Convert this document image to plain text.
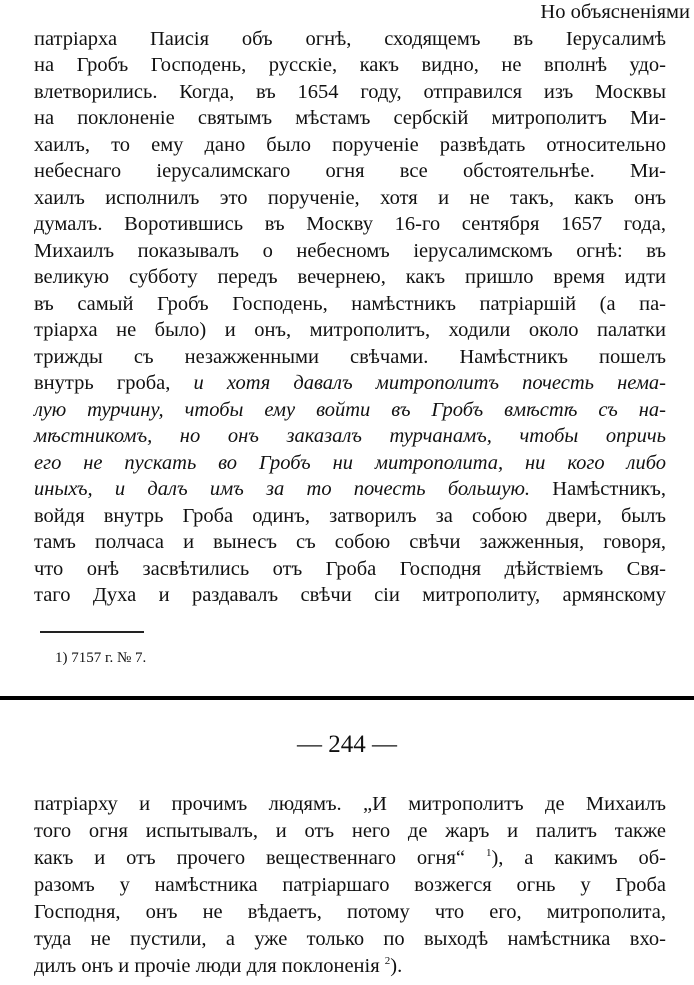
Но объясненіями
патріарха Паисія объ огнѣ, сходящемъ въ Іерусалимѣ
на Гробъ Господень, русскіе, какъ видно, не вполнѣ удо-
влетворились. Когда, въ 1654 году, отправился изъ Москвы
на поклоненіе святымъ мѣстамъ сербскій митрополитъ Ми-
хаилъ, то ему дано было порученіе развѣдать относительно
небеснаго іерусалимскаго огня все обстоятельнѣе. Ми-
хаилъ исполнилъ это порученіе, хотя и не такъ, какъ онъ
думалъ. Воротившись въ Москву 16-го сентября 1657 года,
Михаилъ показывалъ о небесномъ іерусалимскомъ огнѣ: въ
великую субботу передъ вечернею, какъ пришло время идти
въ самый Гробъ Господень, намѣстникъ патріаршій (а па-
тріарха не было) и онъ, митрополитъ, ходили около палатки
трижды съ незажженными свѣчами. Намѣстникъ пошелъ
внутрь гроба, и хотя давалъ митрополитъ почесть нема-
лую турчину, чтобы ему войти въ Гробъ вмѣстѣ съ на-
мѣстникомъ, но онъ заказалъ турчанамъ, чтобы опричь
его не пускать во Гробъ ни митрополита, ни кого либо
иныхъ, и далъ имъ за то почесть большую. Намѣстникъ,
войдя внутрь Гроба одинъ, затворилъ за собою двери, былъ
тамъ полчаса и вынесъ съ собою свѣчи зажженныя, говоря,
что онѣ засвѣтились отъ Гроба Господня дѣйствіемъ Свя-
таго Духа и раздавалъ свѣчи сіи митрополиту, армянскому
1) 7157 г. № 7.
— 244 —
патріарху и прочимъ людямъ. „И митрополитъ де Михаилъ
того огня испытывалъ, и отъ него де жаръ и палитъ также
какъ и отъ прочего вещественнаго огня“ $^1$), а какимъ об-
разомъ у намѣстника патріаршаго возжегся огнь у Гроба
Господня, онъ не вѣдаетъ, потому что его, митрополита,
туда не пустили, а уже только по выходѣ намѣстника вхо-
дилъ онъ и прочіе люди для поклоненія $^2$).
